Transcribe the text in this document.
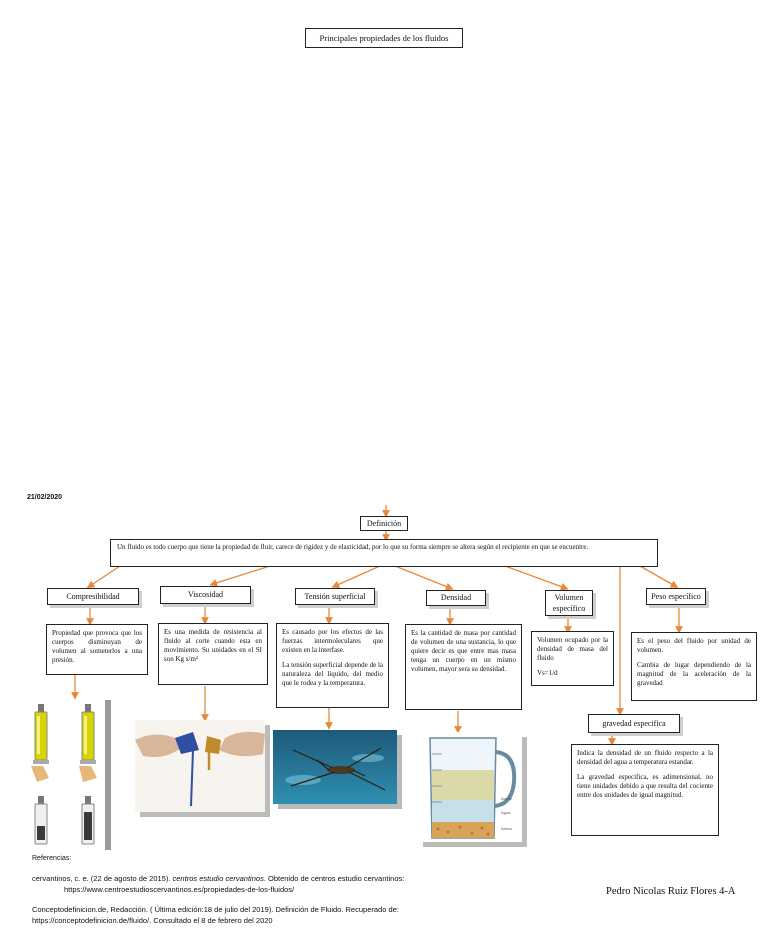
Principales propiedades de los fluidos
21/02/2020
Definición
Un fluido es todo cuerpo que tiene la propiedad de fluir, carece de rigidez y de elasticidad, por lo que su forma siempre se altera según el recipiente en que se encuentre.
Compresibilidad	Viscosidad	Tensión superficial	Densidad	Volumen específico
Peso específico

Propiedad que provoca que los cuerpos disminuyan de volumen al someterlos a una presión.

Es una medida de resistencia al fluido al corte cuando esta en movimiento. Su unidades en el SI son Kg s/m²

Es causado por los efectos de las fuerzas intermoleculares que existen en la interfase.

La tensión superficial depende de la naturaleza del líquido, del medio que le rodea y la temperatura.

Es la cantidad de masa por cantidad de volumen de una sustancia, lo que quiere decir es que entre mas masa tenga un cuerpo en un mismo volumen, mayor sera su densidad.

Volumen ocupado por la densidad de masa del fluido

Vs=1/d

Es el peso del fluido por unidad de volumen.

Cambia de lugar dependiendo de la magnitud de la aceleración de la gravedad

gravedad especifica

Indica la densidad de un fluido respecto a la densidad del agua a temperatura estandar.

La gravedad especifica, es adimensional, no tiene unidades debido a que resulta del cociente entre dos unidades de igual magnitud.

Aceite
Agua
Arena
Referencias:
cervantinos, c. e. (22 de agosto de 2015). centros estudio cervantinos. Obtenido de centros estudio cervantinos:
https://www.centroestudioscervantinos.es/propiedades-de-los-fluidos/
Conceptodefinicion.de, Redacción. ( Última edición:18 de julio del 2019). Definición de Fluido. Recuperado de:
https://conceptodefinicion.de/fluido/. Consultado el 8 de febrero del 2020
Pedro Nicolas Ruiz Flores 4-A
